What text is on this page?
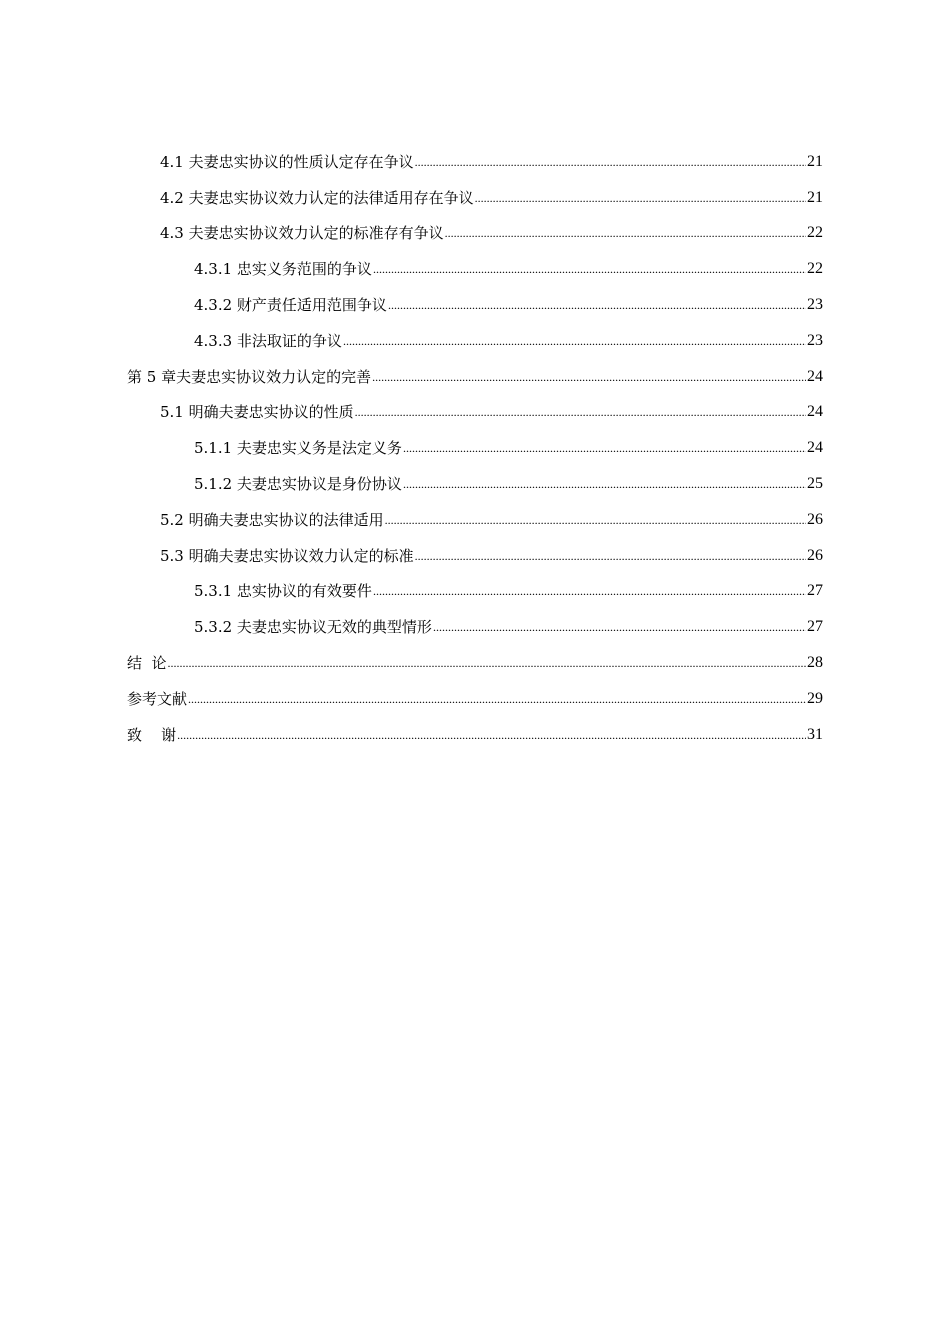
4.1 夫妻忠实协议的性质认定存在争议 .....	21
4.2 夫妻忠实协议效力认定的法律适用存在争议 .....	21
4.3 夫妻忠实协议效力认定的标准存有争议 .....	22
4.3.1 忠实义务范围的争议 .....	22
4.3.2 财产责任适用范围争议 .....	23
4.3.3 非法取证的争议 .....	23
第 5 章夫妻忠实协议效力认定的完善 .....	24
5.1 明确夫妻忠实协议的性质 .....	24
5.1.1 夫妻忠实义务是法定义务 .....	24
5.1.2 夫妻忠实协议是身份协议 .....	25
5.2 明确夫妻忠实协议的法律适用 .....	26
5.3 明确夫妻忠实协议效力认定的标准 .....	26
5.3.1 忠实协议的有效要件 .....	27
5.3.2 夫妻忠实协议无效的典型情形 .....	27
结  论 .....	28
参考文献 .....	29
致    谢 .....	31
